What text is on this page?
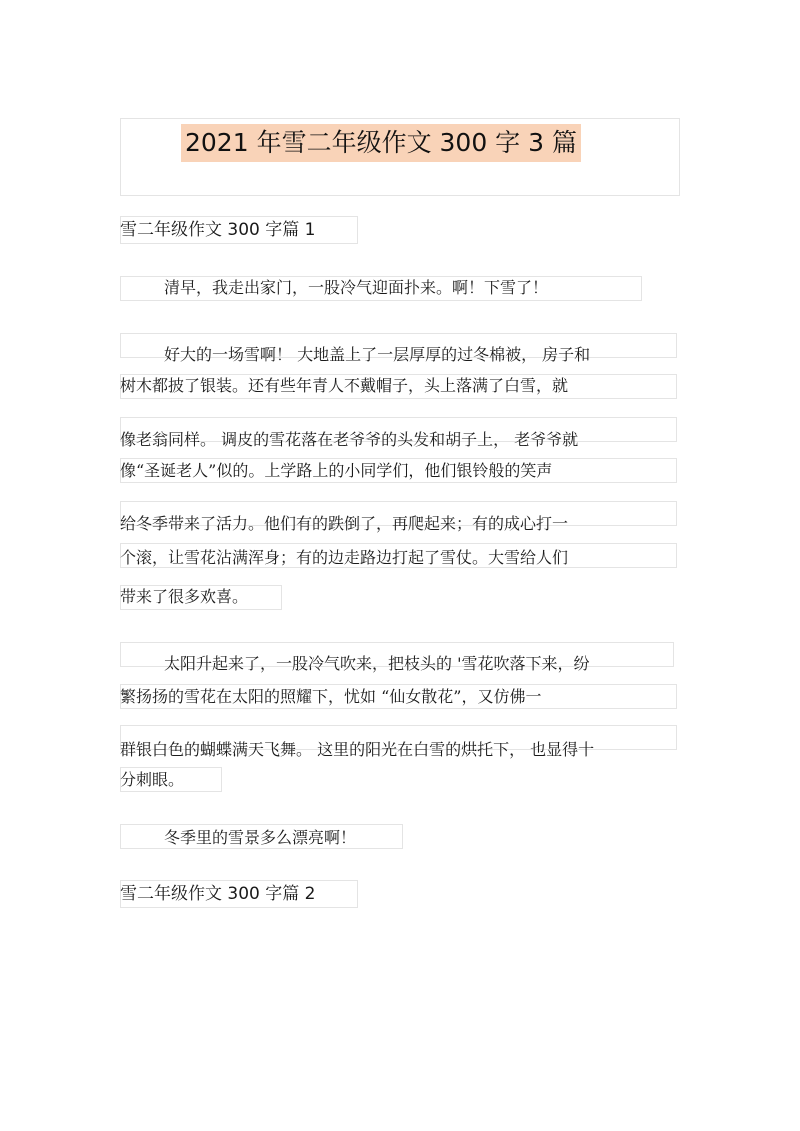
2021 年雪二年级作文 300 字 3 篇
雪二年级作文 300 字篇 1
清早，我走出家门，一股冷气迎面扑来。啊！下雪了！
好大的一场雪啊！ 大地盖上了一层厚厚的过冬棉被， 房子和
树木都披了银装。还有些年青人不戴帽子，头上落满了白雪，就
像老翁同样。 调皮的雪花落在老爷爷的头发和胡子上， 老爷爷就
像“圣诞老人”似的。上学路上的小同学们，他们银铃般的笑声
给冬季带来了活力。他们有的跌倒了，再爬起来；有的成心打一
个滚，让雪花沾满浑身；有的边走路边打起了雪仗。大雪给人们
带来了很多欢喜。
太阳升起来了，一股冷气吹来，把枝头的 '雪花吹落下来，纷
繁扬扬的雪花在太阳的照耀下，忧如 “仙女散花”，又仿佛一
群银白色的蝴蝶满天飞舞。 这里的阳光在白雪的烘托下， 也显得十
分刺眼。
冬季里的雪景多么漂亮啊！
雪二年级作文 300 字篇 2
